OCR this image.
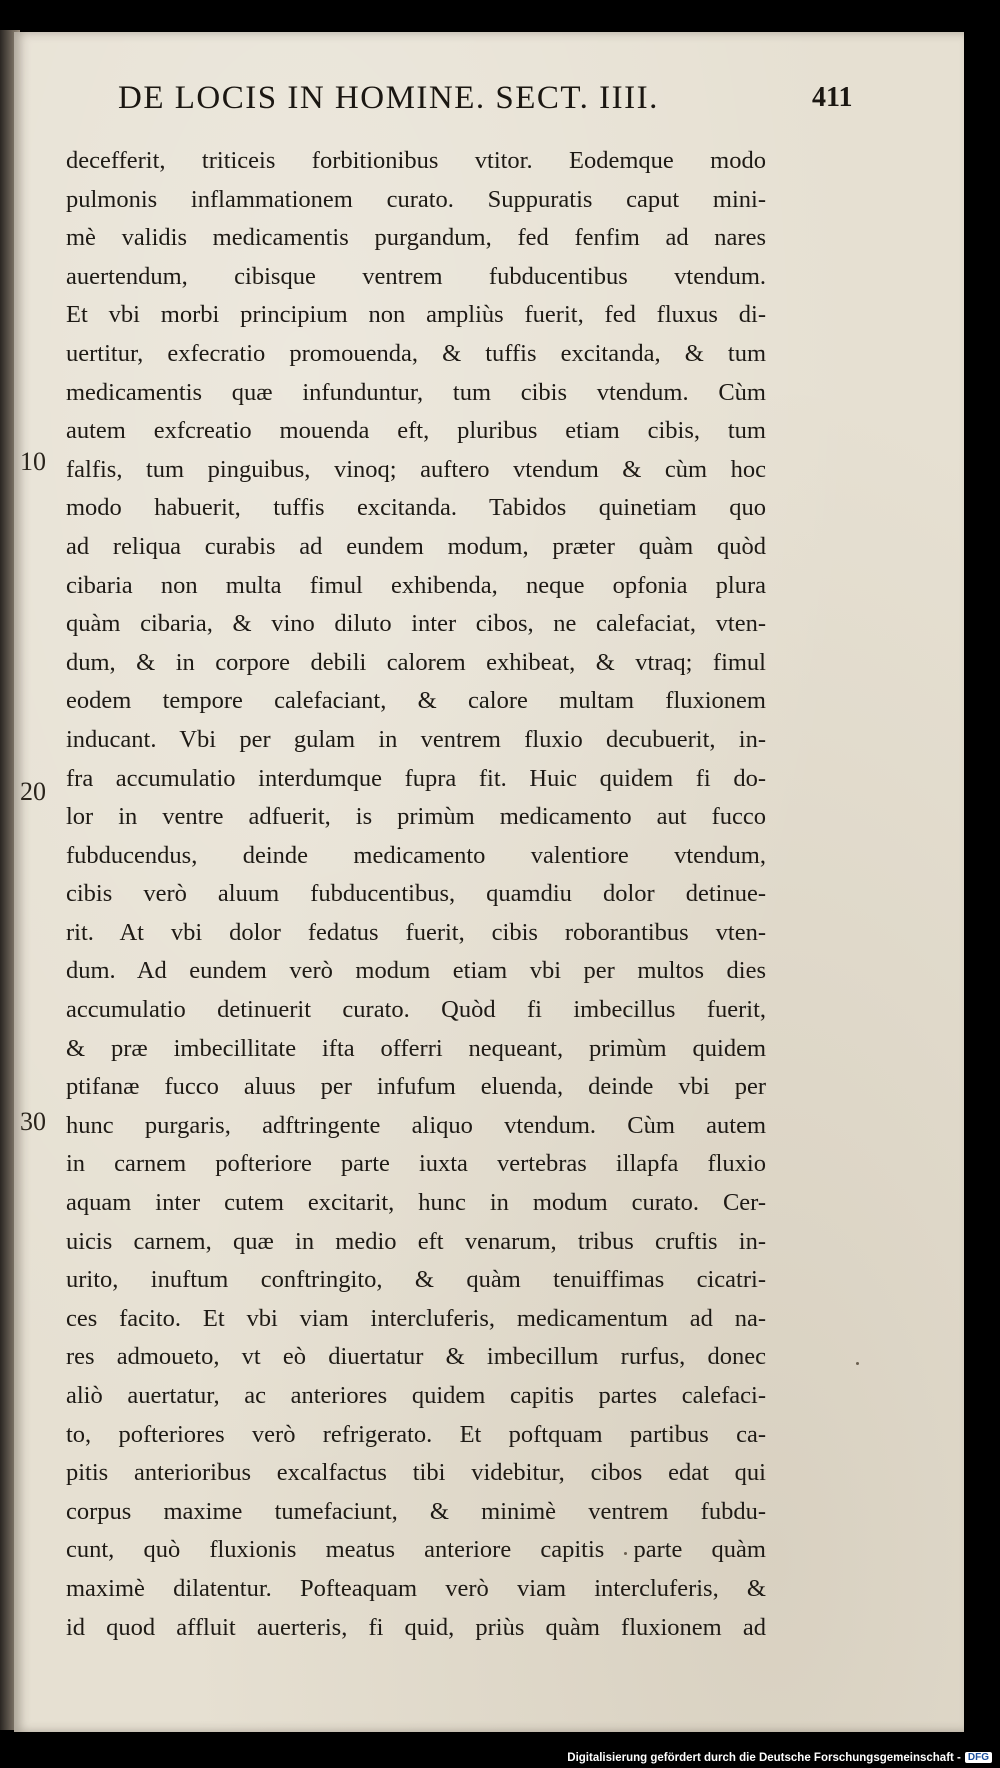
DE LOCIS IN HOMINE. SECT. IIII.	411
10
20
30
decefferit, triticeis forbitionibus vtitor. Eodemque modo
pulmonis inflammationem curato. Suppuratis caput mini-
mè validis medicamentis purgandum, fed fenfim ad nares
auertendum, cibisque ventrem fubducentibus vtendum.
Et vbi morbi principium non ampliùs fuerit, fed fluxus di-
uertitur, exfecratio promouenda, & tuffis excitanda, & tum
medicamentis quæ infunduntur, tum cibis vtendum. Cùm
autem exfcreatio mouenda eft, pluribus etiam cibis, tum
falfis, tum pinguibus, vinoq; auftero vtendum & cùm hoc
modo habuerit, tuffis excitanda. Tabidos quinetiam quo
ad reliqua curabis ad eundem modum, præter quàm quòd
cibaria non multa fimul exhibenda, neque opfonia plura
quàm cibaria, & vino diluto inter cibos, ne calefaciat, vten-
dum, & in corpore debili calorem exhibeat, & vtraq; fimul
eodem tempore calefaciant, & calore multam fluxionem
inducant. Vbi per gulam in ventrem fluxio decubuerit, in-
fra accumulatio interdumque fupra fit. Huic quidem fi do-
lor in ventre adfuerit, is primùm medicamento aut fucco
fubducendus, deinde medicamento valentiore vtendum,
cibis verò aluum fubducentibus, quamdiu dolor detinue-
rit. At vbi dolor fedatus fuerit, cibis roborantibus vten-
dum. Ad eundem verò modum etiam vbi per multos dies
accumulatio detinuerit curato. Quòd fi imbecillus fuerit,
& præ imbecillitate ifta offerri nequeant, primùm quidem
ptifanæ fucco aluus per infufum eluenda, deinde vbi per
hunc purgaris, adftringente aliquo vtendum. Cùm autem
in carnem pofteriore parte iuxta vertebras illapfa fluxio
aquam inter cutem excitarit, hunc in modum curato. Cer-
uicis carnem, quæ in medio eft venarum, tribus cruftis in-
urito, inuftum conftringito, & quàm tenuiffimas cicatri-
ces facito. Et vbi viam intercluferis, medicamentum ad na-
res admoueto, vt eò diuertatur & imbecillum rurfus, donec
aliò auertatur, ac anteriores quidem capitis partes calefaci-
to, pofteriores verò refrigerato. Et poftquam partibus ca-
pitis anterioribus excalfactus tibi videbitur, cibos edat qui
corpus maxime tumefaciunt, & minimè ventrem fubdu-
cunt, quò fluxionis meatus anteriore capitis parte quàm
maximè dilatentur. Pofteaquam verò viam intercluferis, &
id quod affluit auerteris, fi quid, priùs quàm fluxionem ad
Digitalisierung gefördert durch die Deutsche Forschungsgemeinschaft - DFG
